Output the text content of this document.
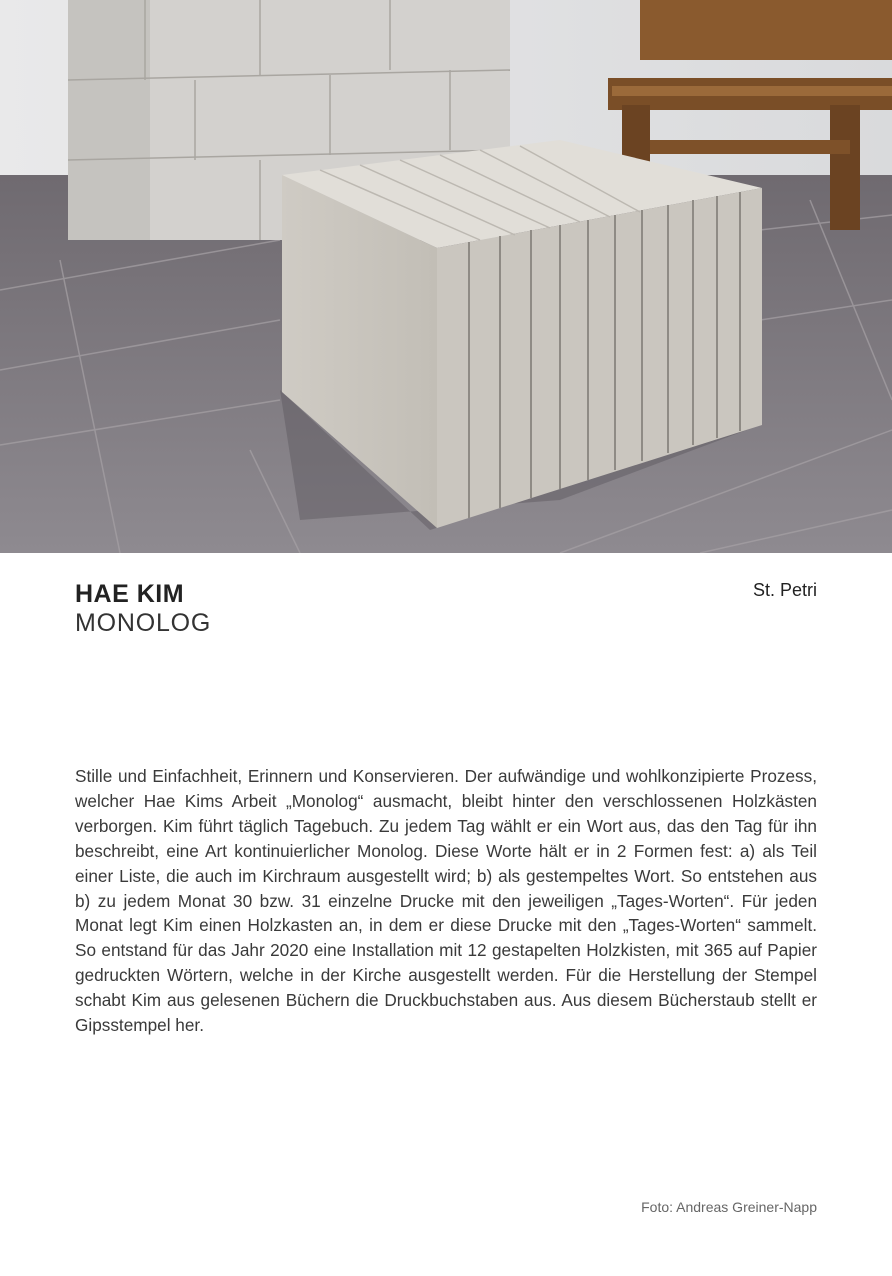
HAE KIM
MONOLOG
St. Petri

Stille und Einfachheit, Erinnern und Konservieren. Der aufwändige und wohlkonzipierte Prozess, welcher Hae Kims Arbeit „Monolog“ ausmacht, bleibt hinter den verschlossenen Holzkästen verborgen. Kim führt täglich Tagebuch. Zu jedem Tag wählt er ein Wort aus, das den Tag für ihn beschreibt, eine Art kontinuierlicher Monolog. Diese Worte hält er in 2 Formen fest: a) als Teil einer Liste, die auch im Kirchraum ausgestellt wird; b) als gestempeltes Wort. So entstehen aus b) zu jedem Monat 30 bzw. 31 einzelne Drucke mit den jeweiligen „Tages-Worten“. Für jeden Monat legt Kim einen Holzkasten an, in dem er diese Drucke mit den „Tages-Worten“ sammelt. So entstand für das Jahr 2020 eine Installation mit 12 gestapelten Holzkisten, mit 365 auf Papier gedruckten Wörtern, welche in der Kirche ausgestellt werden. Für die Herstellung der Stempel schabt Kim aus gelesenen Büchern die Druckbuchstaben aus. Aus diesem Bücherstaub stellt er Gipsstempel her.

Foto: Andreas Greiner-Napp
